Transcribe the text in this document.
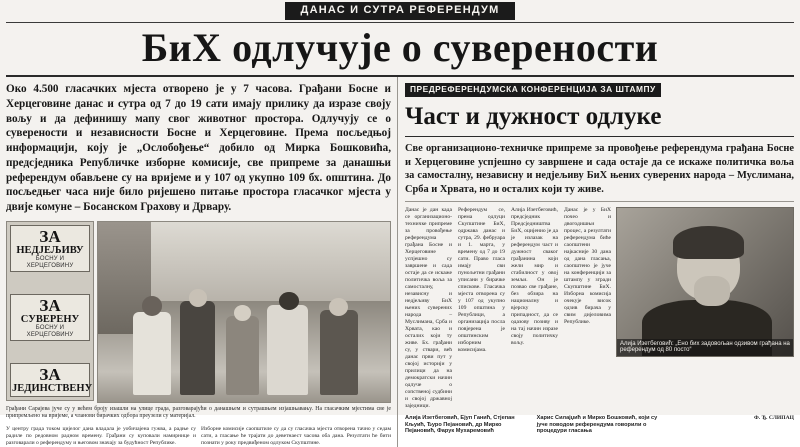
ДАНАС И СУТРА РЕФЕРЕНДУМ
БиХ одлучује о суверености

Око 4.500 гласачких мјеста отворено је у 7 часова. Грађани Босне и Херцеговине данас и сутра од 7 до 19 сати имају прилику да изразе своју вољу и да дефинишу мапу свог животног простора. Одлучују се о суверености и независности Босне и Херцеговине. Према посљедњој информацији, коју је „Ослобођење“ добило од Мирка Бошковића, предсједника Републичке изборне комисије, све припреме за данашњи референдум обављене су на вријеме и у 107 од укупно 109 бх. општина. До посљедњег часа није било ријешено питање простора гласачког мјеста у двије комуне – Босанском Грахову и Дрвару.

ЗА
НЕДЈЕЉИВУ
БОСНУ И ХЕРЦЕГОВИНУ
ЗА
СУВЕРЕНУ
БОСНУ И ХЕРЦЕГОВИНУ
ЗА
ЈЕДИНСТВЕНУ

Грађани Сарајева јуче су у већем броју изашли на улице града, разговарајући о данашњем и сутрашњем изјашњавању. На гласачким мјестима све је припремљено на вријеме, а чланови бирачких одбора преузели су материјал.

У центру града током цијелог дана владала је уобичајена гужва, а радње су радиле по редовном радном времену. Грађани су куповали намирнице и разговарали о референдуму и његовом значају за будућност Републике.
Изборне комисије саопштиле су да су гласачка мјеста отворена тачно у седам сати, а гласање ће трајати до деветнаест часова оба дана. Резултати ће бити познати у року предвиђеном одлуком Скупштине.
ПРЕДРЕФЕРЕНДУМСКА КОНФЕРЕНЦИЈА ЗА ШТАМПУ
Част и дужност одлуке

Све организационо-техничке припреме за провођење референдума грађана Босне и Херцеговине успјешно су завршене и сада остаје да се искаже политичка воља за самосталну, независну и недјељиву БиХ њених суверених народа – Муслимана, Срба и Хрвата, но и осталих који ту живе.

Алија Изетбеговић: „Ено бих задовољан одзивом грађана на референдум од 80 посто“
Данас је дан када се организационо-техничке припреме за провођење референдума грађана Босне и Херцеговине успјешно су завршене и сада остаје да се искаже политичка воља за самосталну, независну и недјељиву БиХ њених суверених народа – Муслимана, Срба и Хрвата, као и осталих који ту живе. Бх. грађани су, у ствари, већ данас први пут у својој историји у прилици да на демократски начин одлуче о сопственој судбини и својој државној заједници.
Референдум се, према одлуци Скупштине БиХ, одржава данас и сутра, 29. фебруара и 1. марта, у времену од 7 до 19 сати. Право гласа имају сви пунољетни грађани уписани у бирачке спискове. Гласачка мјеста отворена су у 107 од укупно 109 општина у Републици, а организација посла повјерена је општинским изборним комисијама.
Алија Изетбеговић, предсједник Предсједништва БиХ, оцијенио је да је излазак на референдум част и дужност сваког грађанина који жели мир и стабилност у овој земљи. Он је позвао све грађане, без обзира на националну и вјерску припадност, да се одазову позиву и на тај начин изразе своју политичку вољу.
Данас је у БиХ почео и двогодишњи процес, а резултати референдума биће саопштени најкасније 30 дана од дана гласања, саопштено је јуче на конференцији за штампу у згради Скупштине БиХ. Изборна комисија очекује висок одзив бирача у свим дијеловима Републике.
Алија Изетбеговић, Ејуп Ганић, Стјепан Кљуић, Ђуро Пејановић, др Мирко Пејановић, Фарук Мухаремовић
Харис Силајџић и Мирко Бошковић, који су јуче поводом референдума говорили о процедури гласања
Ф. Ђ. СЛИПАЦ
